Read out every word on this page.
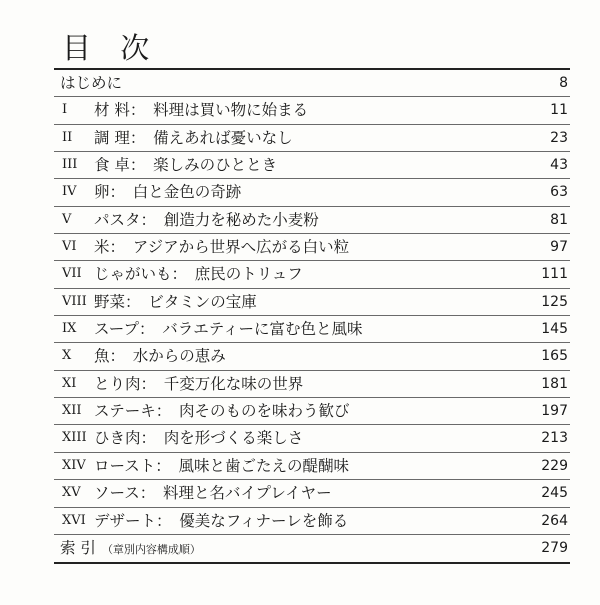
目 次
はじめに	8
I	材 料：　料理は買い物に始まる	11
II	調 理：　備えあれば憂いなし	23
III	食 卓：　楽しみのひととき	43
IV	卵：　白と金色の奇跡	63
V	パスタ：　創造力を秘めた小麦粉	81
VI	米：　アジアから世界へ広がる白い粒	97
VII じゃがいも：　庶民のトリュフ	111
VIII 野菜：　ビタミンの宝庫	125
IX	スープ：　バラエティーに富む色と風味	145
X	魚：　水からの恵み	165
XI	とり肉：　千変万化な味の世界	181
XII ステーキ：　肉そのものを味わう歓び	197
XIII ひき肉：　肉を形づくる楽しさ	213
XIV ロースト：　風味と歯ごたえの醍醐味	229
XV ソース：　料理と名バイプレイヤー	245
XVI デザート：　優美なフィナーレを飾る	264
索 引 （章別内容構成順）	279
